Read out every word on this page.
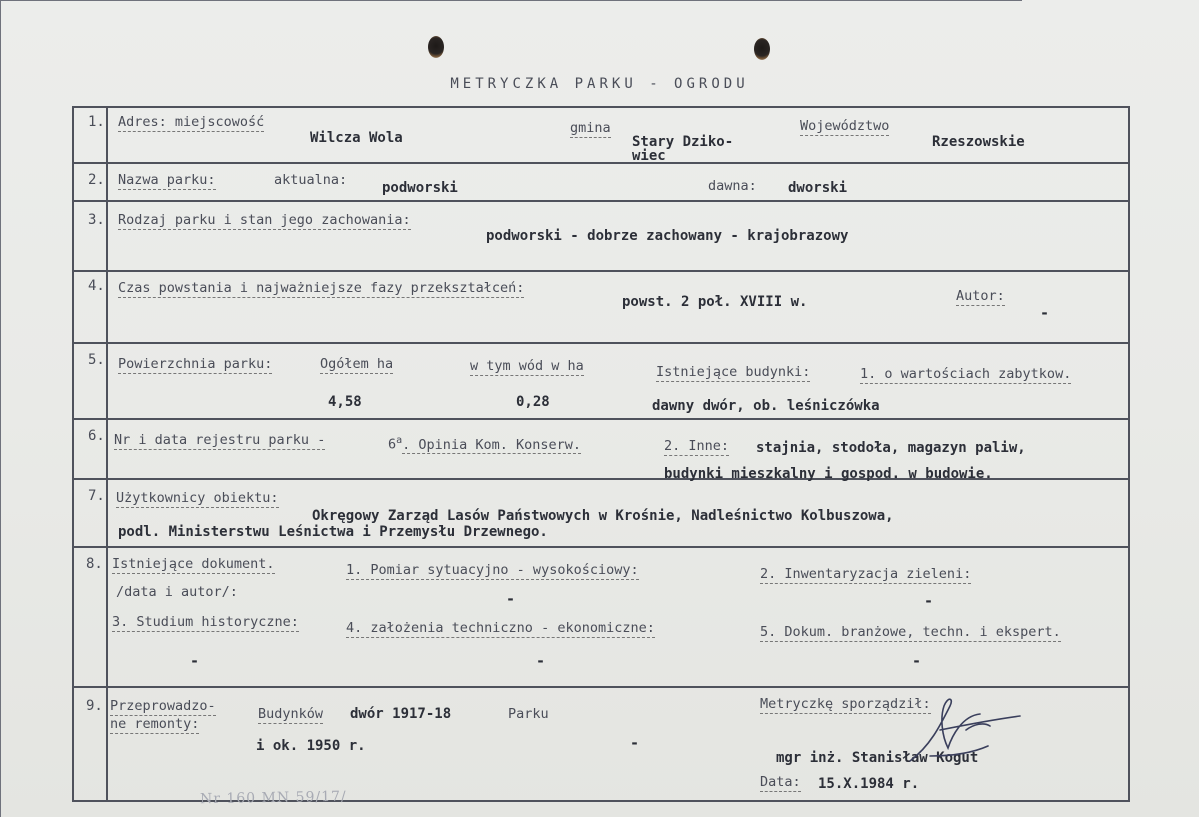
METRYCZKA PARKU - OGRODU
1. Adres: miejscowość
Wilcza Wola
gmina
Stary Dziko-
wiec
Województwo
Rzeszowskie
2. Nazwa parku:	aktualna: podworski	dawna: dworski
3. Rodzaj parku i stan jego zachowania:
podworski - dobrze zachowany - krajobrazowy
4. Czas powstania i najważniejsze fazy przekształceń:
powst. 2 poł. XVIII w.	Autor:
-
5. Powierzchnia parku:	Ogółem ha
4,58
w tym wód w ha
0,28
Istniejące budynki:	1. o wartościach zabytkow.
dawny dwór, ob. leśniczówka
6. Nr i data rejestru parku -	6$^a$. Opinia Kom. Konserw.	2. Inne: stajnia, stodoła, magazyn paliw,
budynki mieszkalny i gospod. w budowie.
7. Użytkownicy obiektu:
Okręgowy Zarząd Lasów Państwowych w Krośnie, Nadleśnictwo Kolbuszowa,
podl. Ministerstwu Leśnictwa i Przemysłu Drzewnego.
8. Istniejące dokument.
/data i autor/:
1. Pomiar sytuacyjno - wysokościowy:	2. Inwentaryzacja zieleni:
-	-
3. Studium historyczne:	4. założenia techniczno - ekonomiczne:	5. Dokum. branżowe, techn. i ekspert.
-	-	-
9. Przeprowadzo-
ne remonty:
Budynków dwór 1917-18
i ok. 1950 r.
Parku
-
Metryczkę sporządził:
mgr inż. Stanisław Kogut
Data: 15.X.1984 r.
Nr 160 MN 59/17/
